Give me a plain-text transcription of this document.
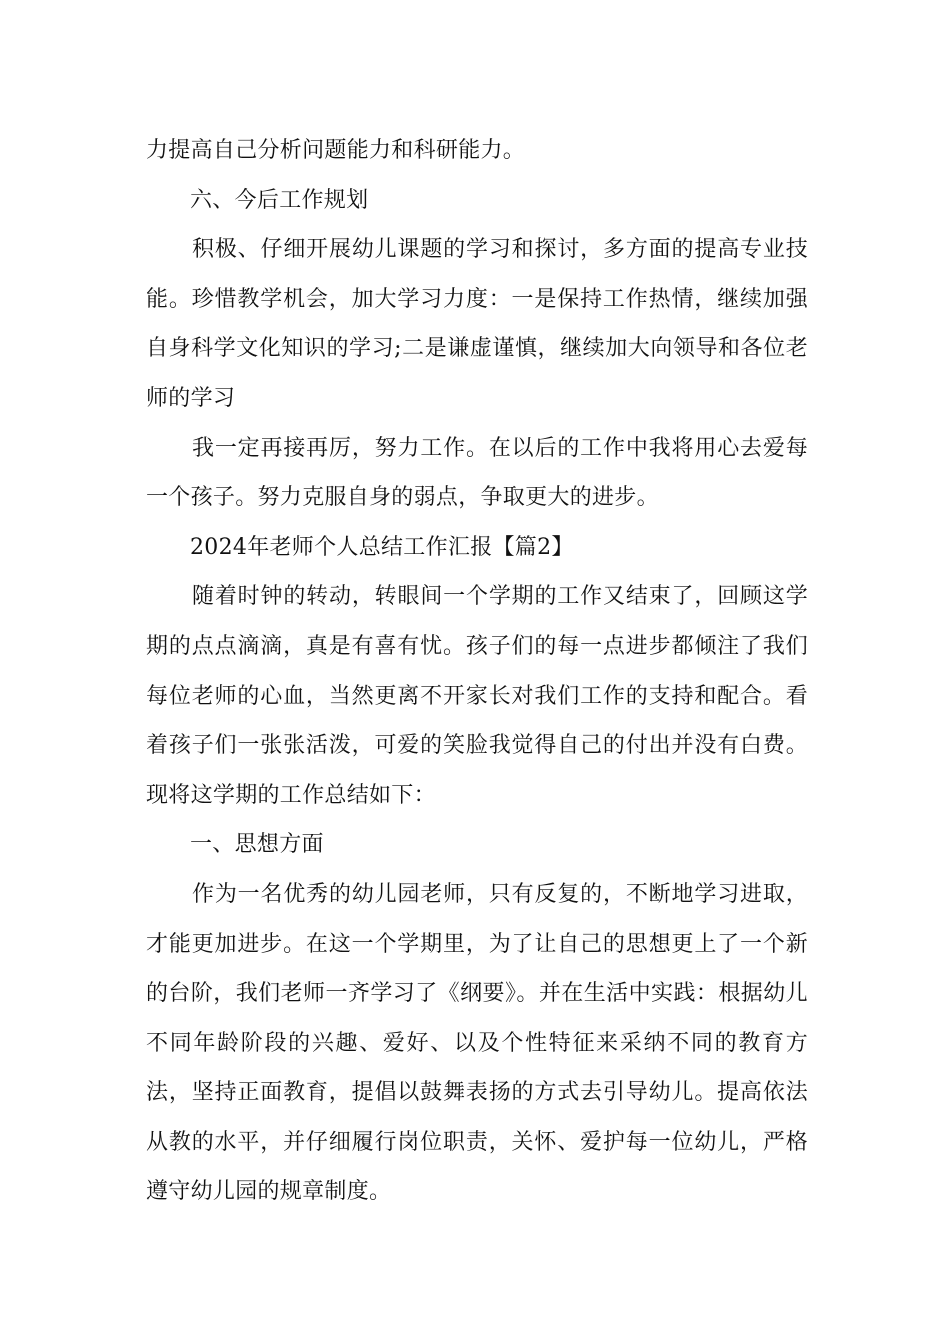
力提高自己分析问题能力和科研能力。

六、今后工作规划

积极、仔细开展幼儿课题的学习和探讨，多方面的提高专业技能。珍惜教学机会，加大学习力度：一是保持工作热情，继续加强自身科学文化知识的学习;二是谦虚谨慎，继续加大向领导和各位老师的学习

我一定再接再厉，努力工作。在以后的工作中我将用心去爱每一个孩子。努力克服自身的弱点，争取更大的进步。

2024年老师个人总结工作汇报【篇2】

随着时钟的转动，转眼间一个学期的工作又结束了，回顾这学期的点点滴滴，真是有喜有忧。孩子们的每一点进步都倾注了我们每位老师的心血，当然更离不开家长对我们工作的支持和配合。看着孩子们一张张活泼，可爱的笑脸我觉得自己的付出并没有白费。现将这学期的工作总结如下：

一、思想方面

作为一名优秀的幼儿园老师，只有反复的，不断地学习进取，才能更加进步。在这一个学期里，为了让自己的思想更上了一个新的台阶，我们老师一齐学习了《纲要》。并在生活中实践：根据幼儿不同年龄阶段的兴趣、爱好、以及个性特征来采纳不同的教育方法，坚持正面教育，提倡以鼓舞表扬的方式去引导幼儿。提高依法从教的水平，并仔细履行岗位职责，关怀、爱护每一位幼儿，严格遵守幼儿园的规章制度。
